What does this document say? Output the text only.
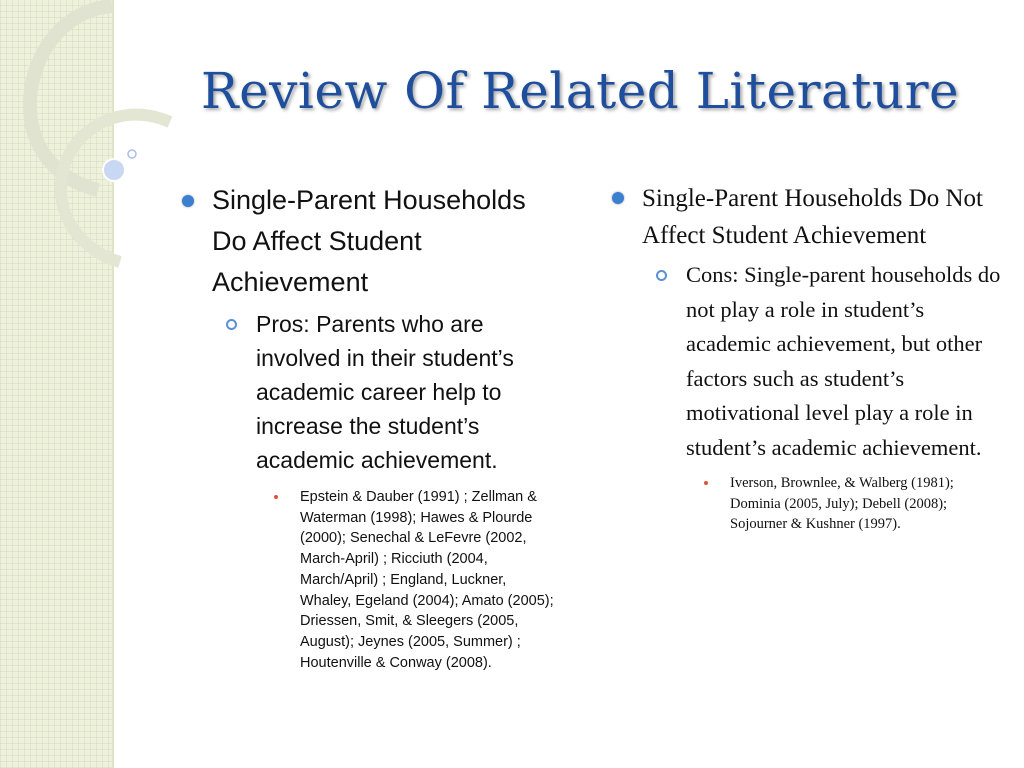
Review Of Related Literature
Single-Parent Households Do Affect Student Achievement
Pros: Parents who are involved in their student’s academic career help to increase the student’s academic achievement.
Epstein & Dauber (1991) ; Zellman & Waterman (1998); Hawes & Plourde (2000); Senechal & LeFevre (2002, March-April) ; Ricciuth (2004, March/April) ; England, Luckner, Whaley, Egeland (2004); Amato (2005); Driessen, Smit, & Sleegers (2005, August); Jeynes (2005, Summer) ; Houtenville & Conway (2008).
Single-Parent Households Do Not Affect Student Achievement
Cons: Single-parent households do not play a role in student’s academic achievement, but other factors such as student’s motivational level play a role in student’s academic achievement.
Iverson, Brownlee, & Walberg (1981); Dominia (2005, July); Debell (2008); Sojourner & Kushner (1997).
